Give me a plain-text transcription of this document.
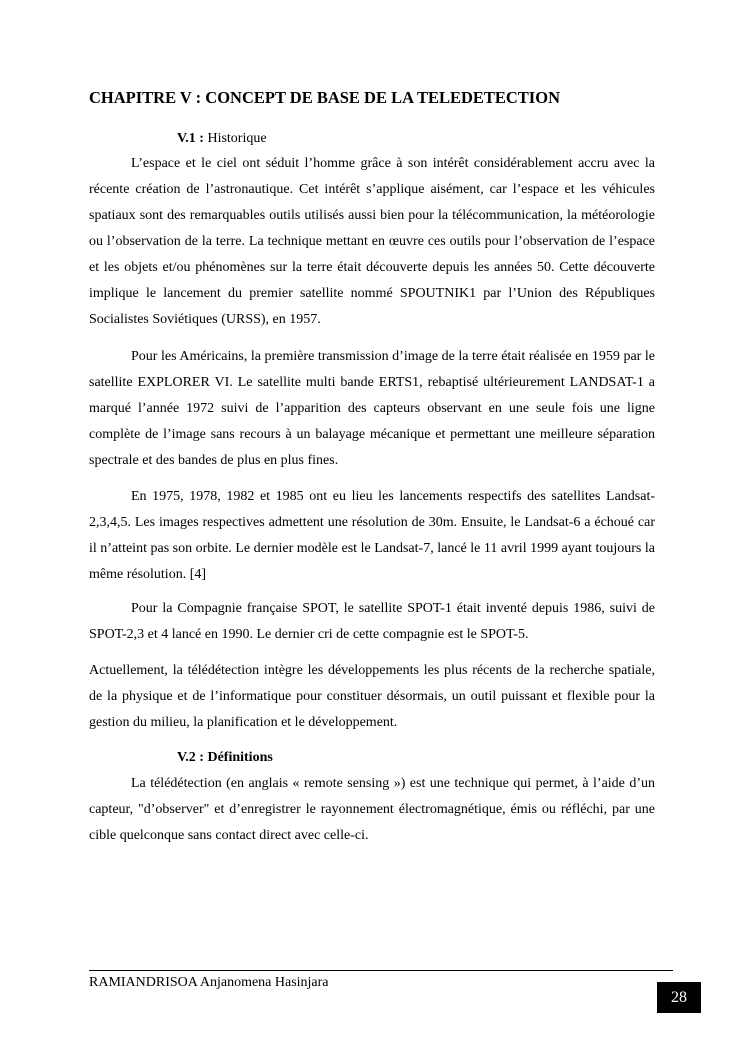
CHAPITRE V : CONCEPT DE BASE DE LA TELEDETECTION

V.1 : Historique

L’espace et le ciel ont séduit l’homme grâce à son intérêt considérablement accru avec la récente création de l’astronautique. Cet intérêt s’applique aisément, car l’espace et les véhicules spatiaux sont des remarquables outils utilisés aussi bien pour la télécommunication, la météorologie ou l’observation de la terre. La technique mettant en œuvre ces outils pour l’observation de l’espace et les objets et/ou phénomènes sur la terre était découverte depuis les années 50. Cette découverte implique le lancement du premier satellite nommé SPOUTNIK1 par l’Union des Républiques Socialistes Soviétiques (URSS), en 1957.

Pour les Américains, la première transmission d’image de la terre était réalisée en 1959 par le satellite EXPLORER VI. Le satellite multi bande ERTS1, rebaptisé ultérieurement LANDSAT-1 a marqué l’année 1972 suivi de l’apparition des capteurs observant en une seule fois une ligne complète de l’image sans recours à un balayage mécanique et permettant une meilleure séparation spectrale et des bandes de plus en plus fines.

En 1975, 1978, 1982 et 1985 ont eu lieu les lancements respectifs des satellites Landsat-2,3,4,5. Les images respectives admettent une résolution de 30m. Ensuite, le Landsat-6 a échoué car il n’atteint pas son orbite. Le dernier modèle est le Landsat-7, lancé le 11 avril 1999 ayant toujours la même résolution. [4]

Pour la Compagnie française SPOT, le satellite SPOT-1 était inventé depuis 1986, suivi de SPOT-2,3 et 4 lancé en 1990. Le dernier cri de cette compagnie est le SPOT-5.

Actuellement, la télédétection intègre les développements les plus récents de la recherche spatiale, de la physique et de l’informatique pour constituer désormais, un outil puissant et flexible pour la gestion du milieu, la planification et le développement.

V.2 : Définitions

La télédétection (en anglais « remote sensing ») est une technique qui permet, à l’aide d’un capteur, "d’observer" et d’enregistrer le rayonnement électromagnétique, émis ou réfléchi, par une cible quelconque sans contact direct avec celle-ci.

RAMIANDRISOA Anjanomena Hasinjara
28
